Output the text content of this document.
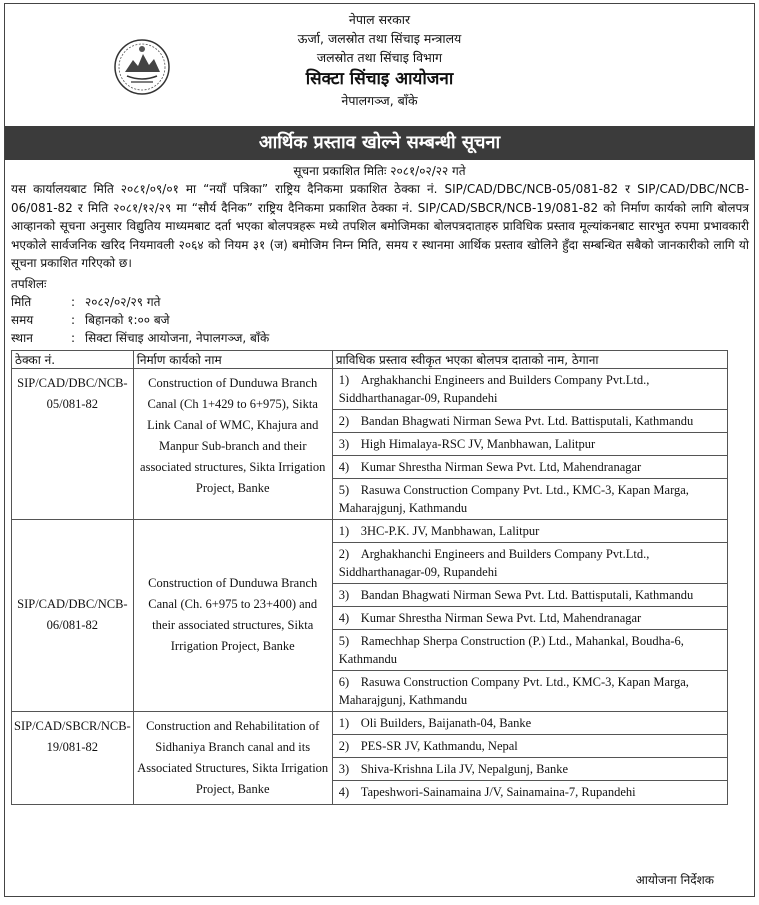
नेपाल सरकार
ऊर्जा, जलस्रोत तथा सिंचाइ मन्त्रालय
जलस्रोत तथा सिंचाइ विभाग
सिक्टा सिंचाइ आयोजना
नेपालगञ्ज, बाँके
आर्थिक प्रस्ताव खोल्ने सम्बन्धी सूचना
सूचना प्रकाशित मितिः २०८१/०२/२२ गते
यस कार्यालयबाट मिति २०८१/०९/०१ मा “नयाँ पत्रिका” राष्ट्रिय दैनिकमा प्रकाशित ठेक्का नं. SIP/CAD/DBC/NCB-05/081-82 र SIP/CAD/DBC/NCB-06/081-82 र मिति २०८१/१२/२९ मा “सौर्य दैनिक” राष्ट्रिय दैनिकमा प्रकाशित ठेक्का नं. SIP/CAD/SBCR/NCB-19/081-82 को निर्माण कार्यको लागि बोलपत्र आव्हानको सूचना अनुसार विद्युतिय माध्यमबाट दर्ता भएका बोलपत्रहरू मध्ये तपशिल बमोजिमका बोलपत्रदाताहरु प्राविधिक प्रस्ताव मूल्यांकनबाट सारभुत रुपमा प्रभावकारी भएकोले सार्वजनिक खरिद नियमावली २०६४ को नियम ३१ (ज) बमोजिम निम्न मिति, समय र स्थानमा आर्थिक प्रस्ताव खोलिने हुँदा सम्बन्धित सबैको जानकारीको लागि यो सूचना प्रकाशित गरिएको छ।
तपशिलः
मिति	: २०८२/०२/२९ गते
समय	: बिहानको १:०० बजे
स्थान	: सिक्टा सिंचाइ आयोजना, नेपालगञ्ज, बाँके
ठेक्का नं.	निर्माण कार्यको नाम	प्राविधिक प्रस्ताव स्वीकृत भएका बोलपत्र दाताको नाम, ठेगाना
SIP/CAD/DBC/NCB-05/081-82	Construction of Dunduwa Branch Canal (Ch 1+429 to 6+975), Sikta Link Canal of WMC, Khajura and Manpur Sub-branch and their associated structures, Sikta Irrigation Project, Banke	1) Arghakhanchi Engineers and Builders Company Pvt.Ltd., Siddharthanagar-09, Rupandehi
		2) Bandan Bhagwati Nirman Sewa Pvt. Ltd. Battisputali, Kathmandu
		3) High Himalaya-RSC JV, Manbhawan, Lalitpur
		4) Kumar Shrestha Nirman Sewa Pvt. Ltd, Mahendranagar
		5) Rasuwa Construction Company Pvt. Ltd., KMC-3, Kapan Marga, Maharajgunj, Kathmandu
SIP/CAD/DBC/NCB-06/081-82	Construction of Dunduwa Branch Canal (Ch. 6+975 to 23+400) and their associated structures, Sikta Irrigation Project, Banke	1) 3HC-P.K. JV, Manbhawan, Lalitpur
		2) Arghakhanchi Engineers and Builders Company Pvt.Ltd., Siddharthanagar-09, Rupandehi
		3) Bandan Bhagwati Nirman Sewa Pvt. Ltd. Battisputali, Kathmandu
		4) Kumar Shrestha Nirman Sewa Pvt. Ltd, Mahendranagar
		5) Ramechhap Sherpa Construction (P.) Ltd., Mahankal, Boudha-6, Kathmandu
		6) Rasuwa Construction Company Pvt. Ltd., KMC-3, Kapan Marga, Maharajgunj, Kathmandu
SIP/CAD/SBCR/NCB-19/081-82	Construction and Rehabilitation of Sidhaniya Branch canal and its Associated Structures, Sikta Irrigation Project, Banke	1) Oli Builders, Baijanath-04, Banke
		2) PES-SR JV, Kathmandu, Nepal
		3) Shiva-Krishna Lila JV, Nepalgunj, Banke
		4) Tapeshwori-Sainamaina J/V, Sainamaina-7, Rupandehi
आयोजना निर्देशक
